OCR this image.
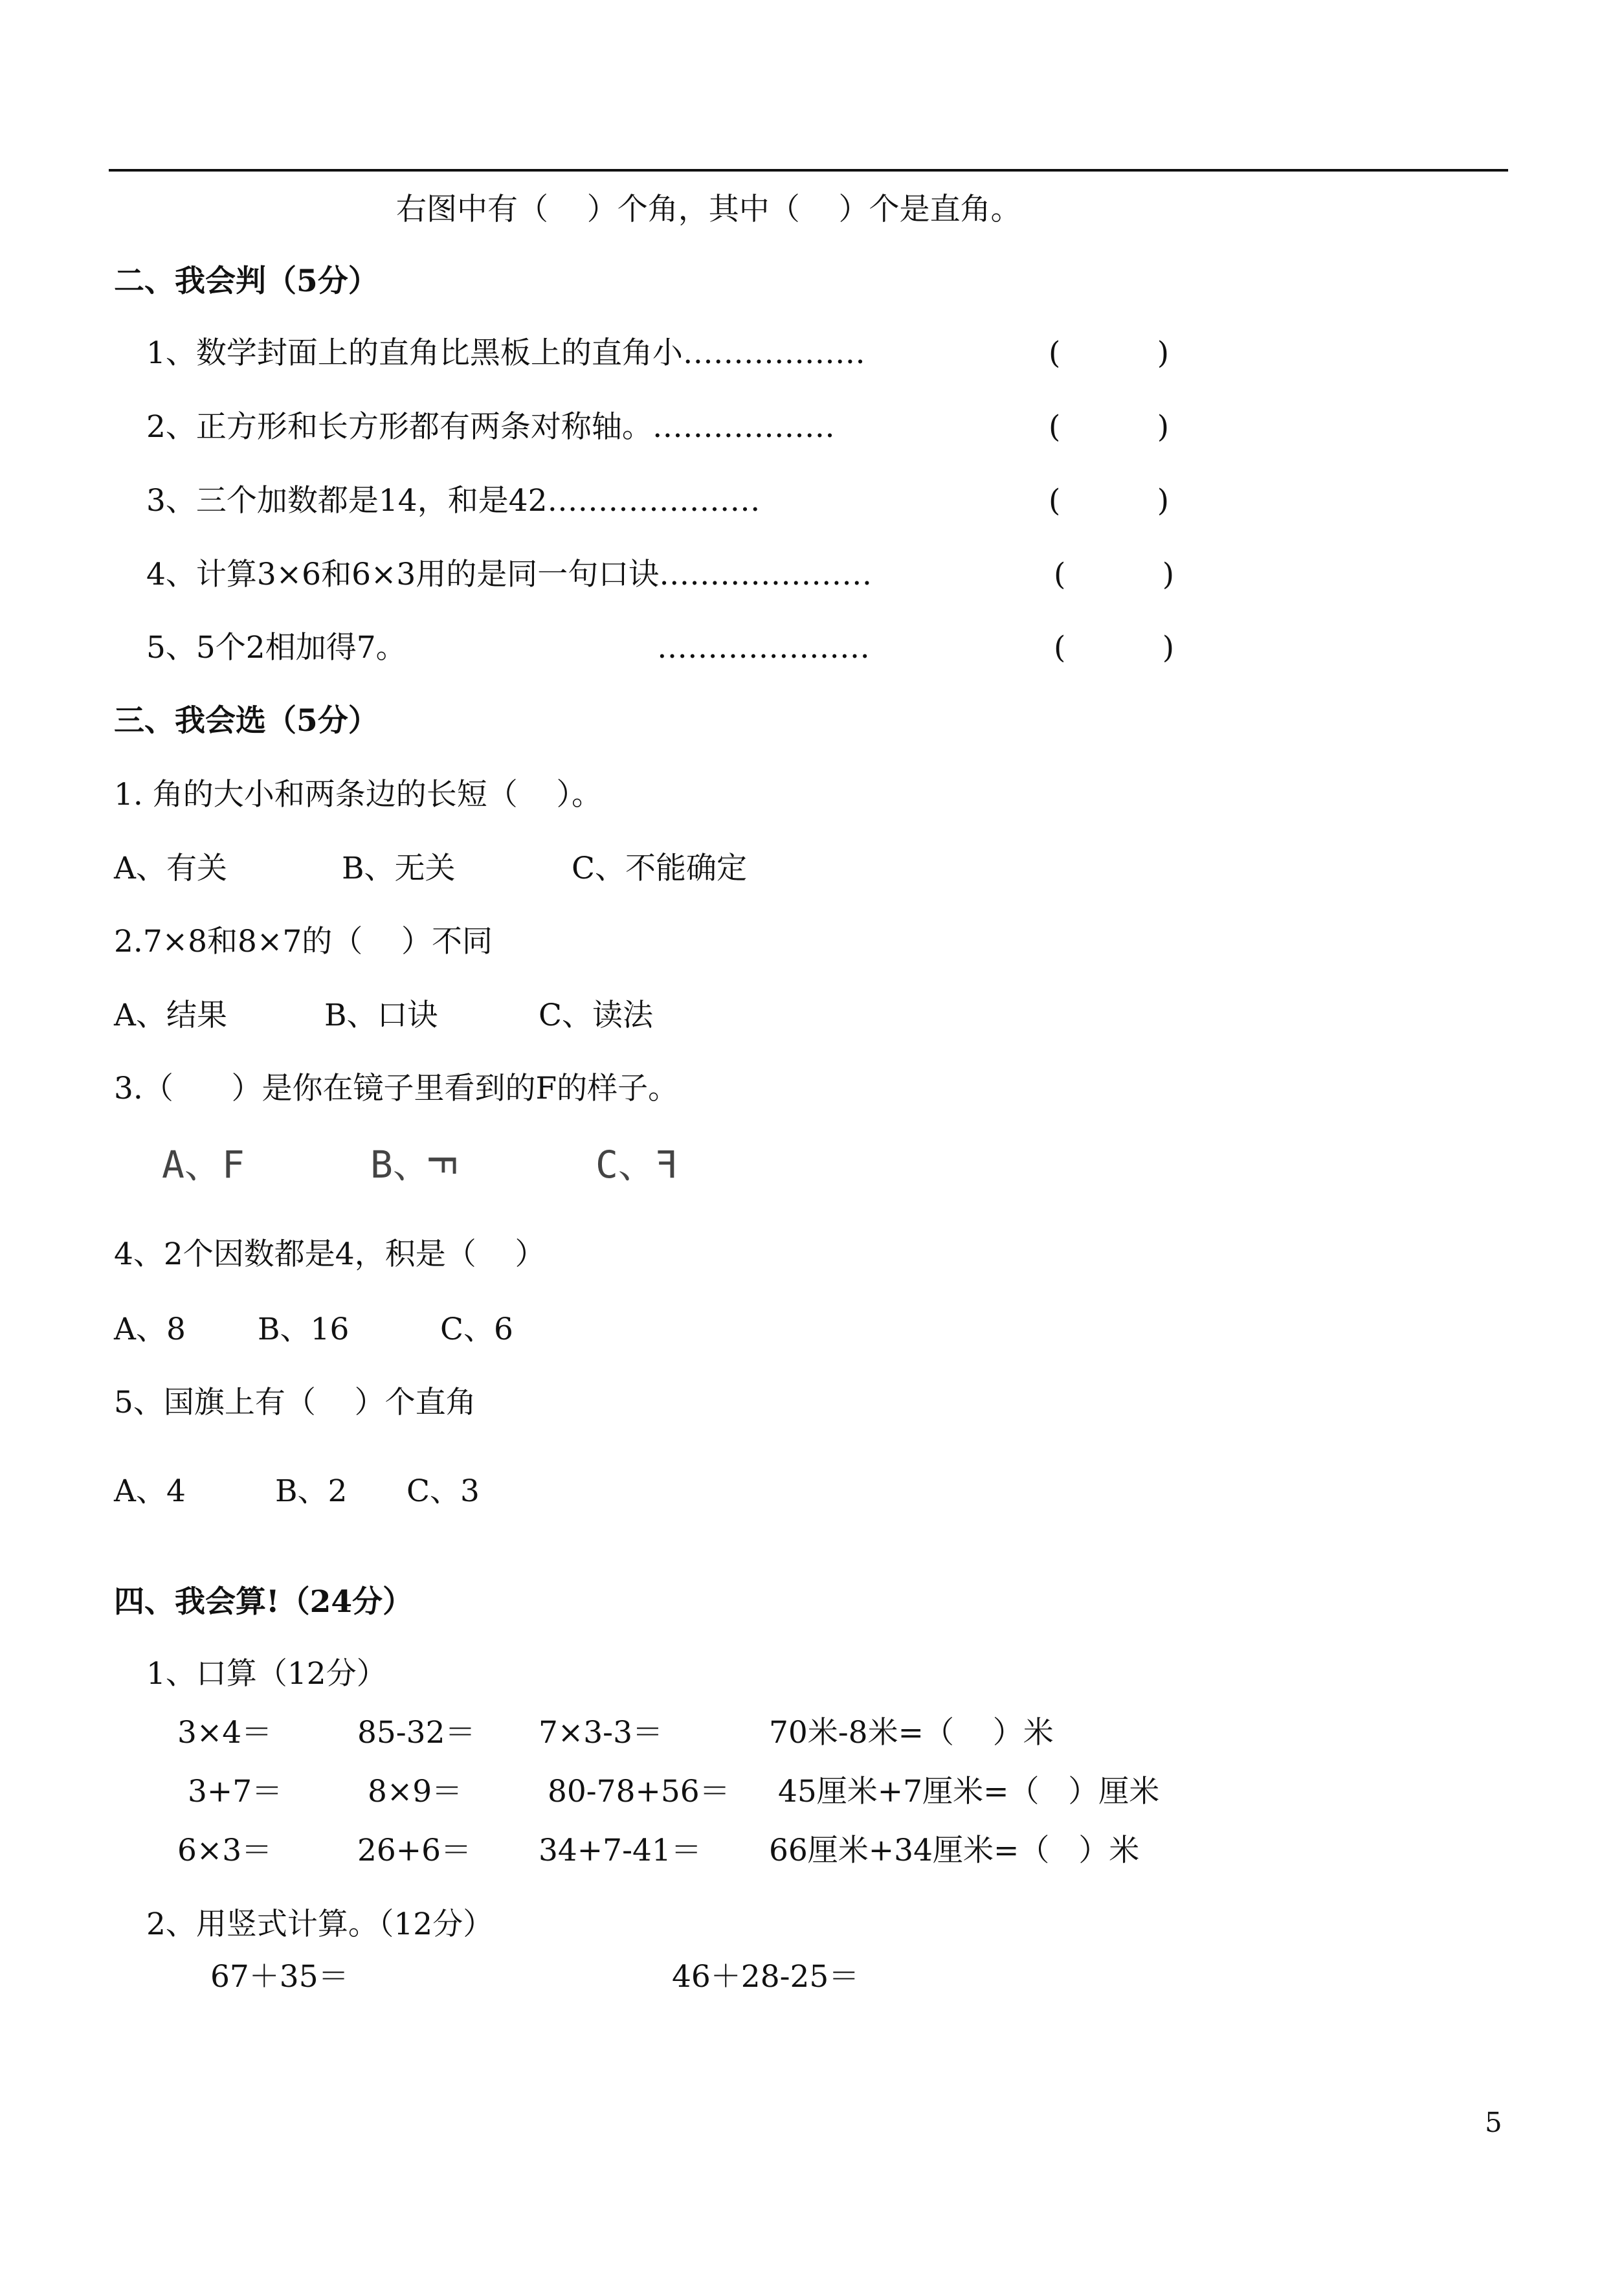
右图中有（    ）个角，其中（    ）个是直角。
二、我会判（5分）
1、数学封面上的直角比黑板上的直角小………………	(          )
2、正方形和长方形都有两条对称轴。………………	(          )
3、三个加数都是14，和是42…………………	(          )
4、计算3×6和6×3用的是同一句口诀…………………	(          )
5、5个2相加得7。	…………………	(          )
三、我会选（5分）
1. 角的大小和两条边的长短（    ）。
A、有关	B、无关	C、不能确定
2.7×8和8×7的（    ）不同
A、结果	B、口诀	C、读法
3.（      ）是你在镜子里看到的F的样子。
A、F	B、F	C、F
4、2个因数都是4，积是（    ）
A、8 B、16	C、6
5、国旗上有（    ）个直角
A、4	B、2 C、3
四、我会算!（24分）
1、口算（12分）
3×4＝	85-32＝ 7×3-3＝	70米-8米=（    ）米
3+7＝	8×9＝	80-78+56＝ 45厘米+7厘米=（   ）厘米
6×3＝	26+6＝ 34+7-41＝ 66厘米+34厘米=（   ）米
2、用竖式计算。（12分）
67＋35＝	46＋28-25＝
5
